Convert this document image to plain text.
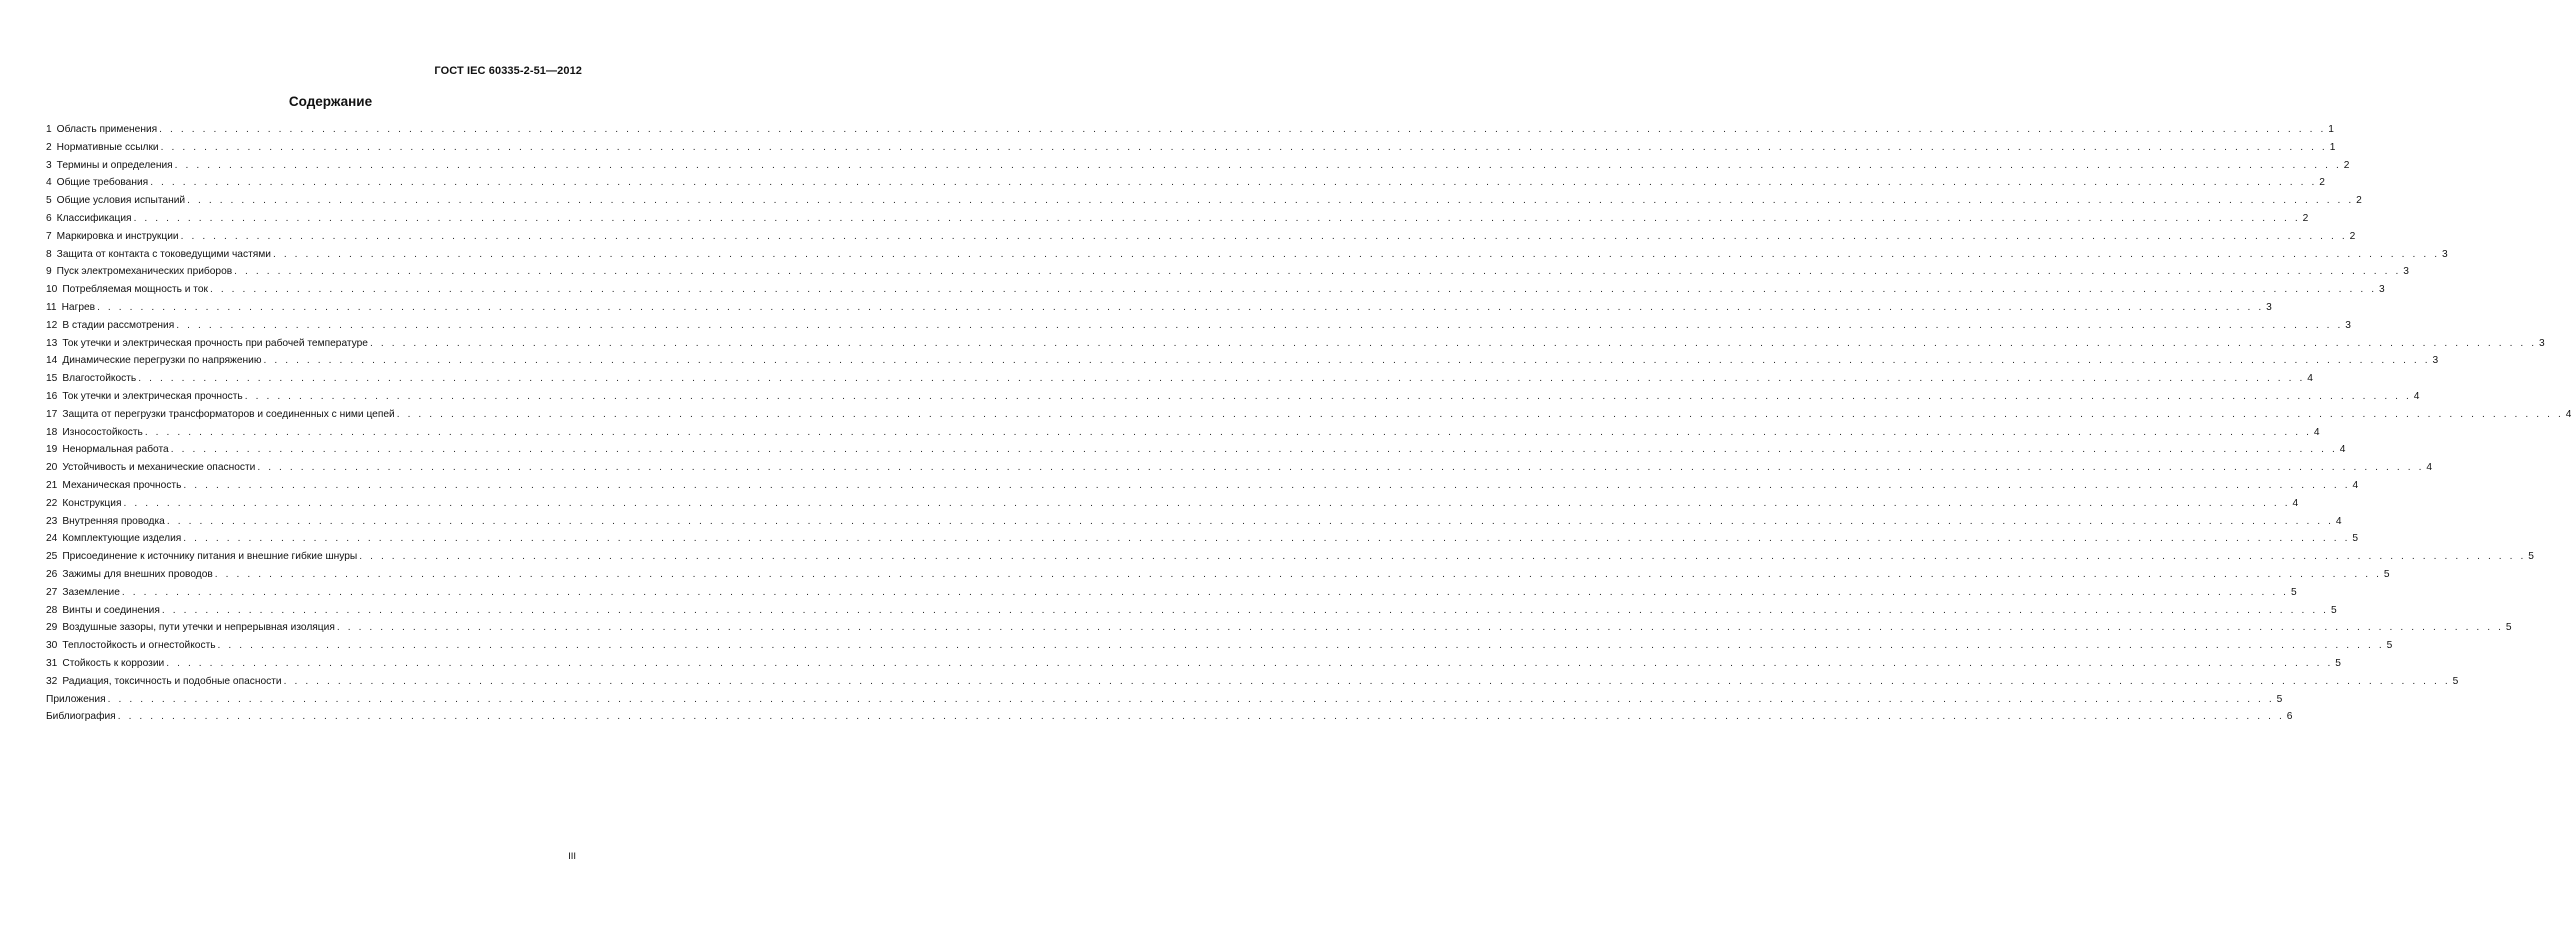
ГОСТ IEC 60335-2-51—2012
Содержание
1 Область применения . . . . . . . . . . . . . . . . . . . . . . . . . . . . . . . . . . . . . . . . . . . . . . . . . . . . . . . . . . . . . . . . . . . . . . . . . . . . . . . . . . . . . . . . . . . . . . . . . . . . . . . . . . . . . . . . . . . . . . . . . . . . . . . . . . . . . . . . . . . . . . . . . . . . . . . . . . . . . . . . . . . . . . . . . . . . . . . . . . . . . . . . . . . . . . . . . . . . . . . . 1
2 Нормативные ссылки . . . . . . . . . . . . . . . . . . . . . . . . . . . . . . . . . . . . . . . . . . . . . . . . . . . . . . . . . . . . . . . . . . . . . . . . . . . . . . . . . . . . . . . . . . . . . . . . . . . . . . . . . . . . . . . . . . . . . . . . . . . . . . . . . . . . . . . . . . . . . . . . . . . . . . . . . . . . . . . . . . . . . . . . . . . . . . . . . . . . . . . . . . . . . . . . . . . . . . . . 1
3 Термины и определения . . . . . . . . . . . . . . . . . . . . . . . . . . . . . . . . . . . . . . . . . . . . . . . . . . . . . . . . . . . . . . . . . . . . . . . . . . . . . . . . . . . . . . . . . . . . . . . . . . . . . . . . . . . . . . . . . . . . . . . . . . . . . . . . . . . . . . . . . . . . . . . . . . . . . . . . . . . . . . . . . . . . . . . . . . . . . . . . . . . . . . . . . . . . . . . . . . . . . . . . 2
4 Общие требования . . . . . . . . . . . . . . . . . . . . . . . . . . . . . . . . . . . . . . . . . . . . . . . . . . . . . . . . . . . . . . . . . . . . . . . . . . . . . . . . . . . . . . . . . . . . . . . . . . . . . . . . . . . . . . . . . . . . . . . . . . . . . . . . . . . . . . . . . . . . . . . . . . . . . . . . . . . . . . . . . . . . . . . . . . . . . . . . . . . . . . . . . . . . . . . . . . . . . . . . 2
5 Общие условия испытаний . . . . . . . . . . . . . . . . . . . . . . . . . . . . . . . . . . . . . . . . . . . . . . . . . . . . . . . . . . . . . . . . . . . . . . . . . . . . . . . . . . . . . . . . . . . . . . . . . . . . . . . . . . . . . . . . . . . . . . . . . . . . . . . . . . . . . . . . . . . . . . . . . . . . . . . . . . . . . . . . . . . . . . . . . . . . . . . . . . . . . . . . . . . . . . . . . . . . . . . . 2
6 Классификация . . . . . . . . . . . . . . . . . . . . . . . . . . . . . . . . . . . . . . . . . . . . . . . . . . . . . . . . . . . . . . . . . . . . . . . . . . . . . . . . . . . . . . . . . . . . . . . . . . . . . . . . . . . . . . . . . . . . . . . . . . . . . . . . . . . . . . . . . . . . . . . . . . . . . . . . . . . . . . . . . . . . . . . . . . . . . . . . . . . . . . . . . . . . . . . . . . . . . . . . 2
7 Маркировка и инструкции . . . . . . . . . . . . . . . . . . . . . . . . . . . . . . . . . . . . . . . . . . . . . . . . . . . . . . . . . . . . . . . . . . . . . . . . . . . . . . . . . . . . . . . . . . . . . . . . . . . . . . . . . . . . . . . . . . . . . . . . . . . . . . . . . . . . . . . . . . . . . . . . . . . . . . . . . . . . . . . . . . . . . . . . . . . . . . . . . . . . . . . . . . . . . . . . . . . . . . . . 2
8 Защита от контакта с токоведущими частями . . . . . . . . . . . . . . . . . . . . . . . . . . . . . . . . . . . . . . . . . . . . . . . . . . . . . . . . . . . . . . . . . . . . . . . . . . . . . . . . . . . . . . . . . . . . . . . . . . . . . . . . . . . . . . . . . . . . . . . . . . . . . . . . . . . . . . . . . . . . . . . . . . . . . . . . . . . . . . . . . . . . . . . . . . . . . . . . . . . . . . . . . . . . . . . . . . . . . . . . 3
9 Пуск электромеханических приборов . . . . . . . . . . . . . . . . . . . . . . . . . . . . . . . . . . . . . . . . . . . . . . . . . . . . . . . . . . . . . . . . . . . . . . . . . . . . . . . . . . . . . . . . . . . . . . . . . . . . . . . . . . . . . . . . . . . . . . . . . . . . . . . . . . . . . . . . . . . . . . . . . . . . . . . . . . . . . . . . . . . . . . . . . . . . . . . . . . . . . . . . . . . . . . . . . . . . . . . . 3
10 Потребляемая мощность и ток . . . . . . . . . . . . . . . . . . . . . . . . . . . . . . . . . . . . . . . . . . . . . . . . . . . . . . . . . . . . . . . . . . . . . . . . . . . . . . . . . . . . . . . . . . . . . . . . . . . . . . . . . . . . . . . . . . . . . . . . . . . . . . . . . . . . . . . . . . . . . . . . . . . . . . . . . . . . . . . . . . . . . . . . . . . . . . . . . . . . . . . . . . . . . . . . . . . . . . . . 3
11 Нагрев . . . . . . . . . . . . . . . . . . . . . . . . . . . . . . . . . . . . . . . . . . . . . . . . . . . . . . . . . . . . . . . . . . . . . . . . . . . . . . . . . . . . . . . . . . . . . . . . . . . . . . . . . . . . . . . . . . . . . . . . . . . . . . . . . . . . . . . . . . . . . . . . . . . . . . . . . . . . . . . . . . . . . . . . . . . . . . . . . . . . . . . . . . . . . . . . . . . . . . . . 3
12 В стадии рассмотрения . . . . . . . . . . . . . . . . . . . . . . . . . . . . . . . . . . . . . . . . . . . . . . . . . . . . . . . . . . . . . . . . . . . . . . . . . . . . . . . . . . . . . . . . . . . . . . . . . . . . . . . . . . . . . . . . . . . . . . . . . . . . . . . . . . . . . . . . . . . . . . . . . . . . . . . . . . . . . . . . . . . . . . . . . . . . . . . . . . . . . . . . . . . . . . . . . . . . . . . . 3
13 Ток утечки и электрическая прочность при рабочей температуре . . . . . . . . . . . . . . . . . . . . . . . . . . . . . . . . . . . . . . . . . . . . . . . . . . . . . . . . . . . . . . . . . . . . . . . . . . . . . . . . . . . . . . . . . . . . . . . . . . . . . . . . . . . . . . . . . . . . . . . . . . . . . . . . . . . . . . . . . . . . . . . . . . . . . . . . . . . . . . . . . . . . . . . . . . . . . . . . . . . . . . . . . . . . . . . . . . . . . . . . 3
14 Динамические перегрузки по напряжению . . . . . . . . . . . . . . . . . . . . . . . . . . . . . . . . . . . . . . . . . . . . . . . . . . . . . . . . . . . . . . . . . . . . . . . . . . . . . . . . . . . . . . . . . . . . . . . . . . . . . . . . . . . . . . . . . . . . . . . . . . . . . . . . . . . . . . . . . . . . . . . . . . . . . . . . . . . . . . . . . . . . . . . . . . . . . . . . . . . . . . . . . . . . . . . . . . . . . . . . 3
15 Влагостойкость . . . . . . . . . . . . . . . . . . . . . . . . . . . . . . . . . . . . . . . . . . . . . . . . . . . . . . . . . . . . . . . . . . . . . . . . . . . . . . . . . . . . . . . . . . . . . . . . . . . . . . . . . . . . . . . . . . . . . . . . . . . . . . . . . . . . . . . . . . . . . . . . . . . . . . . . . . . . . . . . . . . . . . . . . . . . . . . . . . . . . . . . . . . . . . . . . . . . . . . . 4
16 Ток утечки и электрическая прочность . . . . . . . . . . . . . . . . . . . . . . . . . . . . . . . . . . . . . . . . . . . . . . . . . . . . . . . . . . . . . . . . . . . . . . . . . . . . . . . . . . . . . . . . . . . . . . . . . . . . . . . . . . . . . . . . . . . . . . . . . . . . . . . . . . . . . . . . . . . . . . . . . . . . . . . . . . . . . . . . . . . . . . . . . . . . . . . . . . . . . . . . . . . . . . . . . . . . . . . . 4
17 Защита от перегрузки трансформаторов и соединенных с ними цепей . . . . . . . . . . . . . . . . . . . . . . . . . . . . . . . . . . . . . . . . . . . . . . . . . . . . . . . . . . . . . . . . . . . . . . . . . . . . . . . . . . . . . . . . . . . . . . . . . . . . . . . . . . . . . . . . . . . . . . . . . . . . . . . . . . . . . . . . . . . . . . . . . . . . . . . . . . . . . . . . . . . . . . . . . . . . . . . . . . . . . . . . . . . . . . . . . . . . . . . . 4
18 Износостойкость . . . . . . . . . . . . . . . . . . . . . . . . . . . . . . . . . . . . . . . . . . . . . . . . . . . . . . . . . . . . . . . . . . . . . . . . . . . . . . . . . . . . . . . . . . . . . . . . . . . . . . . . . . . . . . . . . . . . . . . . . . . . . . . . . . . . . . . . . . . . . . . . . . . . . . . . . . . . . . . . . . . . . . . . . . . . . . . . . . . . . . . . . . . . . . . . . . . . . . . . 4
19 Ненормальная работа . . . . . . . . . . . . . . . . . . . . . . . . . . . . . . . . . . . . . . . . . . . . . . . . . . . . . . . . . . . . . . . . . . . . . . . . . . . . . . . . . . . . . . . . . . . . . . . . . . . . . . . . . . . . . . . . . . . . . . . . . . . . . . . . . . . . . . . . . . . . . . . . . . . . . . . . . . . . . . . . . . . . . . . . . . . . . . . . . . . . . . . . . . . . . . . . . . . . . . . . 4
20 Устойчивость и механические опасности . . . . . . . . . . . . . . . . . . . . . . . . . . . . . . . . . . . . . . . . . . . . . . . . . . . . . . . . . . . . . . . . . . . . . . . . . . . . . . . . . . . . . . . . . . . . . . . . . . . . . . . . . . . . . . . . . . . . . . . . . . . . . . . . . . . . . . . . . . . . . . . . . . . . . . . . . . . . . . . . . . . . . . . . . . . . . . . . . . . . . . . . . . . . . . . . . . . . . . . . 4
21 Механическая прочность . . . . . . . . . . . . . . . . . . . . . . . . . . . . . . . . . . . . . . . . . . . . . . . . . . . . . . . . . . . . . . . . . . . . . . . . . . . . . . . . . . . . . . . . . . . . . . . . . . . . . . . . . . . . . . . . . . . . . . . . . . . . . . . . . . . . . . . . . . . . . . . . . . . . . . . . . . . . . . . . . . . . . . . . . . . . . . . . . . . . . . . . . . . . . . . . . . . . . . . . 4
22 Конструкция . . . . . . . . . . . . . . . . . . . . . . . . . . . . . . . . . . . . . . . . . . . . . . . . . . . . . . . . . . . . . . . . . . . . . . . . . . . . . . . . . . . . . . . . . . . . . . . . . . . . . . . . . . . . . . . . . . . . . . . . . . . . . . . . . . . . . . . . . . . . . . . . . . . . . . . . . . . . . . . . . . . . . . . . . . . . . . . . . . . . . . . . . . . . . . . . . . . . . . . . 4
23 Внутренняя проводка . . . . . . . . . . . . . . . . . . . . . . . . . . . . . . . . . . . . . . . . . . . . . . . . . . . . . . . . . . . . . . . . . . . . . . . . . . . . . . . . . . . . . . . . . . . . . . . . . . . . . . . . . . . . . . . . . . . . . . . . . . . . . . . . . . . . . . . . . . . . . . . . . . . . . . . . . . . . . . . . . . . . . . . . . . . . . . . . . . . . . . . . . . . . . . . . . . . . . . . . 4
24 Комплектующие изделия . . . . . . . . . . . . . . . . . . . . . . . . . . . . . . . . . . . . . . . . . . . . . . . . . . . . . . . . . . . . . . . . . . . . . . . . . . . . . . . . . . . . . . . . . . . . . . . . . . . . . . . . . . . . . . . . . . . . . . . . . . . . . . . . . . . . . . . . . . . . . . . . . . . . . . . . . . . . . . . . . . . . . . . . . . . . . . . . . . . . . . . . . . . . . . . . . . . . . . . . 5
25 Присоединение к источнику питания и внешние гибкие шнуры . . . . . . . . . . . . . . . . . . . . . . . . . . . . . . . . . . . . . . . . . . . . . . . . . . . . . . . . . . . . . . . . . . . . . . . . . . . . . . . . . . . . . . . . . . . . . . . . . . . . . . . . . . . . . . . . . . . . . . . . . . . . . . . . . . . . . . . . . . . . . . . . . . . . . . . . . . . . . . . . . . . . . . . . . . . . . . . . . . . . . . . . . . . . . . . . . . . . . . . . 5
26 Зажимы для внешних проводов . . . . . . . . . . . . . . . . . . . . . . . . . . . . . . . . . . . . . . . . . . . . . . . . . . . . . . . . . . . . . . . . . . . . . . . . . . . . . . . . . . . . . . . . . . . . . . . . . . . . . . . . . . . . . . . . . . . . . . . . . . . . . . . . . . . . . . . . . . . . . . . . . . . . . . . . . . . . . . . . . . . . . . . . . . . . . . . . . . . . . . . . . . . . . . . . . . . . . . . . 5
27 Заземление . . . . . . . . . . . . . . . . . . . . . . . . . . . . . . . . . . . . . . . . . . . . . . . . . . . . . . . . . . . . . . . . . . . . . . . . . . . . . . . . . . . . . . . . . . . . . . . . . . . . . . . . . . . . . . . . . . . . . . . . . . . . . . . . . . . . . . . . . . . . . . . . . . . . . . . . . . . . . . . . . . . . . . . . . . . . . . . . . . . . . . . . . . . . . . . . . . . . . . . . 5
28 Винты и соединения . . . . . . . . . . . . . . . . . . . . . . . . . . . . . . . . . . . . . . . . . . . . . . . . . . . . . . . . . . . . . . . . . . . . . . . . . . . . . . . . . . . . . . . . . . . . . . . . . . . . . . . . . . . . . . . . . . . . . . . . . . . . . . . . . . . . . . . . . . . . . . . . . . . . . . . . . . . . . . . . . . . . . . . . . . . . . . . . . . . . . . . . . . . . . . . . . . . . . . . . 5
29 Воздушные зазоры, пути утечки и непрерывная изоляция . . . . . . . . . . . . . . . . . . . . . . . . . . . . . . . . . . . . . . . . . . . . . . . . . . . . . . . . . . . . . . . . . . . . . . . . . . . . . . . . . . . . . . . . . . . . . . . . . . . . . . . . . . . . . . . . . . . . . . . . . . . . . . . . . . . . . . . . . . . . . . . . . . . . . . . . . . . . . . . . . . . . . . . . . . . . . . . . . . . . . . . . . . . . . . . . . . . . . . . . 5
30 Теплостойкость и огнестойкость . . . . . . . . . . . . . . . . . . . . . . . . . . . . . . . . . . . . . . . . . . . . . . . . . . . . . . . . . . . . . . . . . . . . . . . . . . . . . . . . . . . . . . . . . . . . . . . . . . . . . . . . . . . . . . . . . . . . . . . . . . . . . . . . . . . . . . . . . . . . . . . . . . . . . . . . . . . . . . . . . . . . . . . . . . . . . . . . . . . . . . . . . . . . . . . . . . . . . . . . 5
31 Стойкость к коррозии . . . . . . . . . . . . . . . . . . . . . . . . . . . . . . . . . . . . . . . . . . . . . . . . . . . . . . . . . . . . . . . . . . . . . . . . . . . . . . . . . . . . . . . . . . . . . . . . . . . . . . . . . . . . . . . . . . . . . . . . . . . . . . . . . . . . . . . . . . . . . . . . . . . . . . . . . . . . . . . . . . . . . . . . . . . . . . . . . . . . . . . . . . . . . . . . . . . . . . . . 5
32 Радиация, токсичность и подобные опасности . . . . . . . . . . . . . . . . . . . . . . . . . . . . . . . . . . . . . . . . . . . . . . . . . . . . . . . . . . . . . . . . . . . . . . . . . . . . . . . . . . . . . . . . . . . . . . . . . . . . . . . . . . . . . . . . . . . . . . . . . . . . . . . . . . . . . . . . . . . . . . . . . . . . . . . . . . . . . . . . . . . . . . . . . . . . . . . . . . . . . . . . . . . . . . . . . . . . . . . . 5
Приложения . . . . . . . . . . . . . . . . . . . . . . . . . . . . . . . . . . . . . . . . . . . . . . . . . . . . . . . . . . . . . . . . . . . . . . . . . . . . . . . . . . . . . . . . . . . . . . . . . . . . . . . . . . . . . . . . . . . . . . . . . . . . . . . . . . . . . . . . . . . . . . . . . . . . . . . . . . . . . . . . . . . . . . . . . . . . . . . . . . . . . . . . . . . . . . . . . . . . . . . . 5
Библиография . . . . . . . . . . . . . . . . . . . . . . . . . . . . . . . . . . . . . . . . . . . . . . . . . . . . . . . . . . . . . . . . . . . . . . . . . . . . . . . . . . . . . . . . . . . . . . . . . . . . . . . . . . . . . . . . . . . . . . . . . . . . . . . . . . . . . . . . . . . . . . . . . . . . . . . . . . . . . . . . . . . . . . . . . . . . . . . . . . . . . . . . . . . . . . . . . . . . . . . . 6
III
